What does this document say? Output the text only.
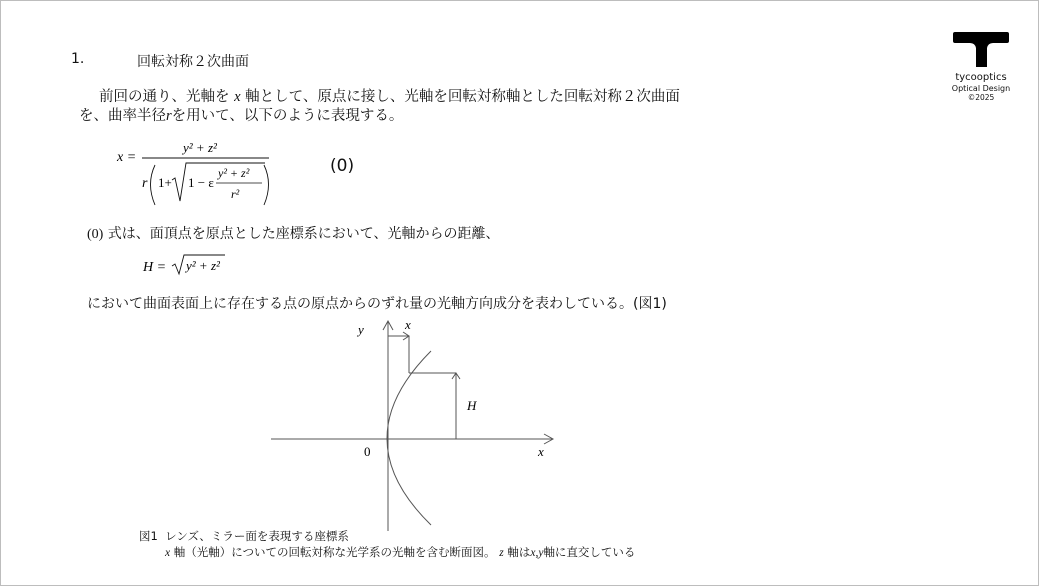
1.	回転対称２次曲面
前回の通り、光軸を x 軸として、原点に接し、光軸を回転対称軸とした回転対称２次曲面
を、曲率半径rを用いて、以下のように表現する。
x =
y² + z²
r 1+ 1 − ε
y² + z²
r²
(0)
(0) 式は、面頂点を原点とした座標系において、光軸からの距離、
H = y² + z²
において曲面表面上に存在する点の原点からのずれ量の光軸方向成分を表わしている。(図1)
y	x
H
0	x
図1 レンズ、ミラー面を表現する座標系
x 軸（光軸）についての回転対称な光学系の光軸を含む断面図。 z 軸はx,y軸に直交している
tycooptics
Optical Design
©2025
